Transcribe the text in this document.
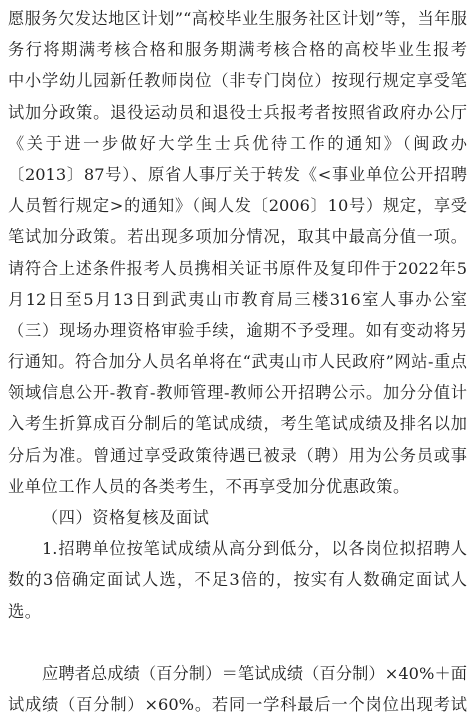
愿服务欠发达地区计划”“高校毕业生服务社区计划”等，当年服
务行将期满考核合格和服务期满考核合格的高校毕业生报考
中小学幼儿园新任教师岗位（非专门岗位）按现行规定享受笔
试加分政策。退役运动员和退役士兵报考者按照省政府办公厅
《关于进一步做好大学生士兵优待工作的通知》（闽政办
〔2013〕87号）、原省人事厅关于转发《<事业单位公开招聘
人员暂行规定>的通知》（闽人发〔2006〕10号）规定，享受
笔试加分政策。若出现多项加分情况，取其中最高分值一项。
请符合上述条件报考人员携相关证书原件及复印件于2022年5
月12日至5月13日到武夷山市教育局三楼316室人事办公室
（三）现场办理资格审验手续，逾期不予受理。如有变动将另
行通知。符合加分人员名单将在“武夷山市人民政府”网站-重点
领域信息公开-教育-教师管理-教师公开招聘公示。加分分值计
入考生折算成百分制后的笔试成绩，考生笔试成绩及排名以加
分后为准。曾通过享受政策待遇已被录（聘）用为公务员或事
业单位工作人员的各类考生，不再享受加分优惠政策。
（四）资格复核及面试
1.招聘单位按笔试成绩从高分到低分，以各岗位拟招聘人
数的3倍确定面试人选，不足3倍的，按实有人数确定面试人
选。
应聘者总成绩（百分制）＝笔试成绩（百分制）×40%＋面
试成绩（百分制）×60%。若同一学科最后一个岗位出现考试
